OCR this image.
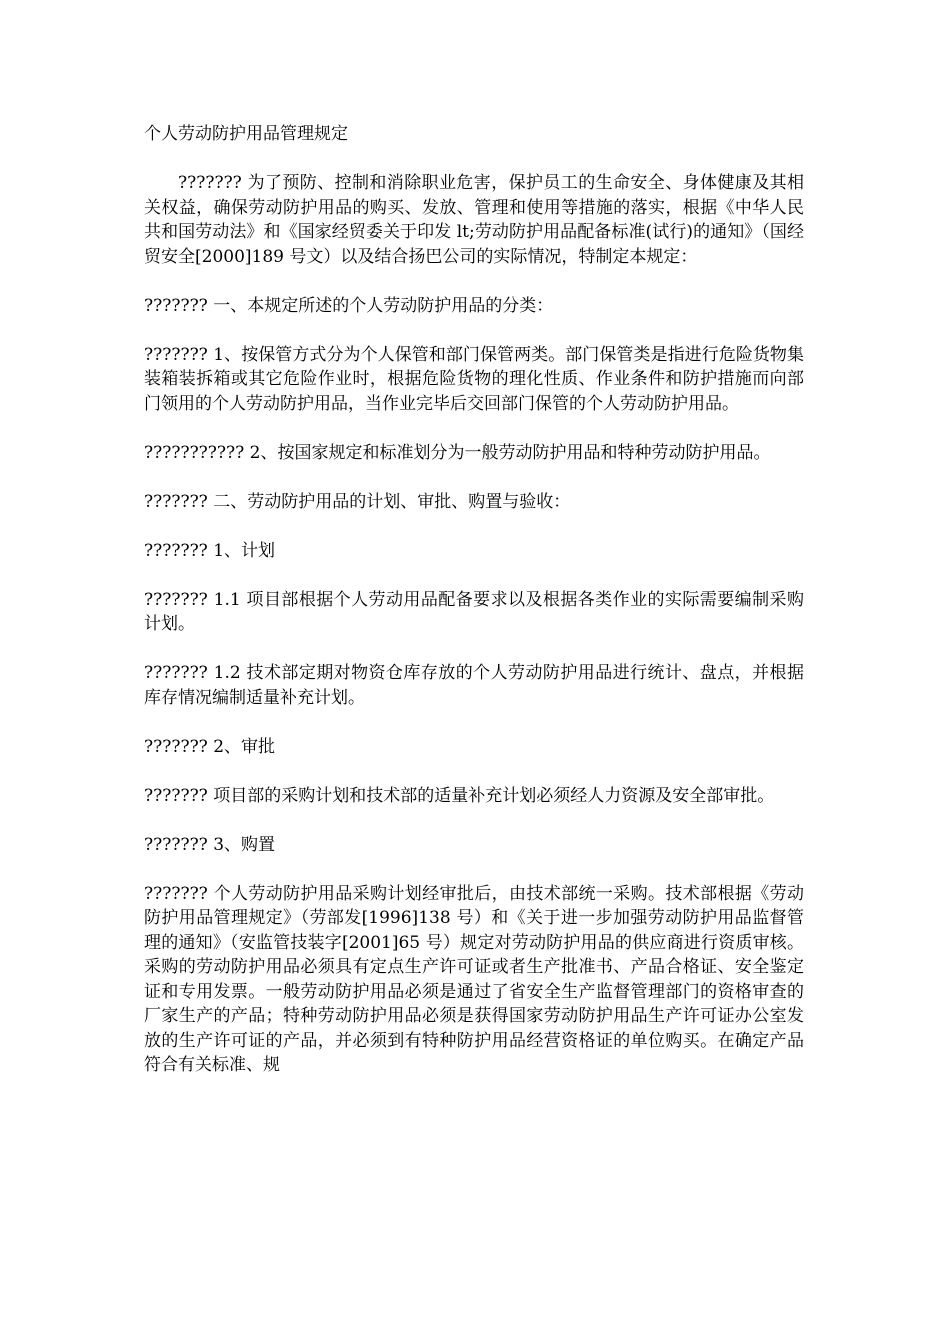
个人劳动防护用品管理规定

??????? 为了预防、控制和消除职业危害，保护员工的生命安全、身体健康及其相关权益，确保劳动防护用品的购买、发放、管理和使用等措施的落实，根据《中华人民共和国劳动法》和《国家经贸委关于印发 lt;劳动防护用品配备标准(试行)的通知》（国经贸安全[2000]189 号文）以及结合扬巴公司的实际情况，特制定本规定：

??????? 一、本规定所述的个人劳动防护用品的分类：

??????? 1、按保管方式分为个人保管和部门保管两类。部门保管类是指进行危险货物集装箱装拆箱或其它危险作业时，根据危险货物的理化性质、作业条件和防护措施而向部门领用的个人劳动防护用品，当作业完毕后交回部门保管的个人劳动防护用品。

??????????? 2、按国家规定和标准划分为一般劳动防护用品和特种劳动防护用品。

??????? 二、劳动防护用品的计划、审批、购置与验收：

??????? 1、计划

??????? 1.1 项目部根据个人劳动用品配备要求以及根据各类作业的实际需要编制采购计划。

??????? 1.2 技术部定期对物资仓库存放的个人劳动防护用品进行统计、盘点，并根据库存情况编制适量补充计划。

??????? 2、审批

??????? 项目部的采购计划和技术部的适量补充计划必须经人力资源及安全部审批。

??????? 3、购置

??????? 个人劳动防护用品采购计划经审批后，由技术部统一采购。技术部根据《劳动防护用品管理规定》（劳部发[1996]138 号）和《关于进一步加强劳动防护用品监督管理的通知》（安监管技装字[2001]65 号）规定对劳动防护用品的供应商进行资质审核。采购的劳动防护用品必须具有定点生产许可证或者生产批准书、产品合格证、安全鉴定证和专用发票。一般劳动防护用品必须是通过了省安全生产监督管理部门的资格审查的厂家生产的产品；特种劳动防护用品必须是获得国家劳动防护用品生产许可证办公室发放的生产许可证的产品，并必须到有特种防护用品经营资格证的单位购买。在确定产品符合有关标准、规
